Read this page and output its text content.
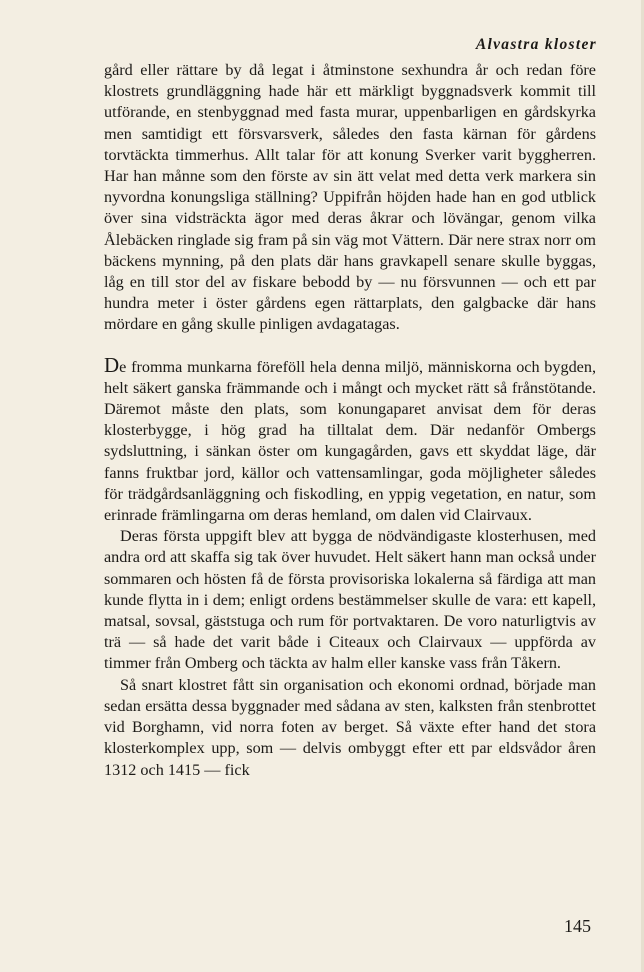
Alvastra kloster

gård eller rättare by då legat i åtminstone sexhundra år och redan före klostrets grundläggning hade här ett märkligt byggnadsverk kommit till utförande, en stenbyggnad med fasta murar, uppenbarligen en gårdskyrka men samtidigt ett försvarsverk, således den fasta kärnan för gårdens torvtäckta timmerhus. Allt talar för att konung Sverker varit byggherren. Har han månne som den förste av sin ätt velat med detta verk markera sin nyvordna konungsliga ställning? Uppifrån höjden hade han en god utblick över sina vidsträckta ägor med deras åkrar och lövängar, genom vilka Ålebäcken ringlade sig fram på sin väg mot Vättern. Där nere strax norr om bäckens mynning, på den plats där hans gravkapell senare skulle byggas, låg en till stor del av fiskare bebodd by — nu försvunnen — och ett par hundra meter i öster gårdens egen rättarplats, den galgbacke där hans mördare en gång skulle pinligen avdagatagas.

De fromma munkarna föreföll hela denna miljö, människorna och bygden, helt säkert ganska främmande och i mångt och mycket rätt så frånstötande. Däremot måste den plats, som konungaparet anvisat dem för deras klosterbygge, i hög grad ha tilltalat dem. Där nedanför Ombergs sydsluttning, i sänkan öster om kungagården, gavs ett skyddat läge, där fanns fruktbar jord, källor och vattensamlingar, goda möjligheter således för trädgårdsanläggning och fiskodling, en yppig vegetation, en natur, som erinrade främlingarna om deras hemland, om dalen vid Clairvaux.

Deras första uppgift blev att bygga de nödvändigaste klosterhusen, med andra ord att skaffa sig tak över huvudet. Helt säkert hann man också under sommaren och hösten få de första provisoriska lokalerna så färdiga att man kunde flytta in i dem; enligt ordens bestämmelser skulle de vara: ett kapell, matsal, sovsal, gäststuga och rum för portvaktaren. De voro naturligtvis av trä — så hade det varit både i Citeaux och Clairvaux — uppförda av timmer från Omberg och täckta av halm eller kanske vass från Tåkern.

Så snart klostret fått sin organisation och ekonomi ordnad, började man sedan ersätta dessa byggnader med sådana av sten, kalksten från stenbrottet vid Borghamn, vid norra foten av berget. Så växte efter hand det stora klosterkomplex upp, som — delvis ombyggt efter ett par eldsvådor åren 1312 och 1415 — fick

145
